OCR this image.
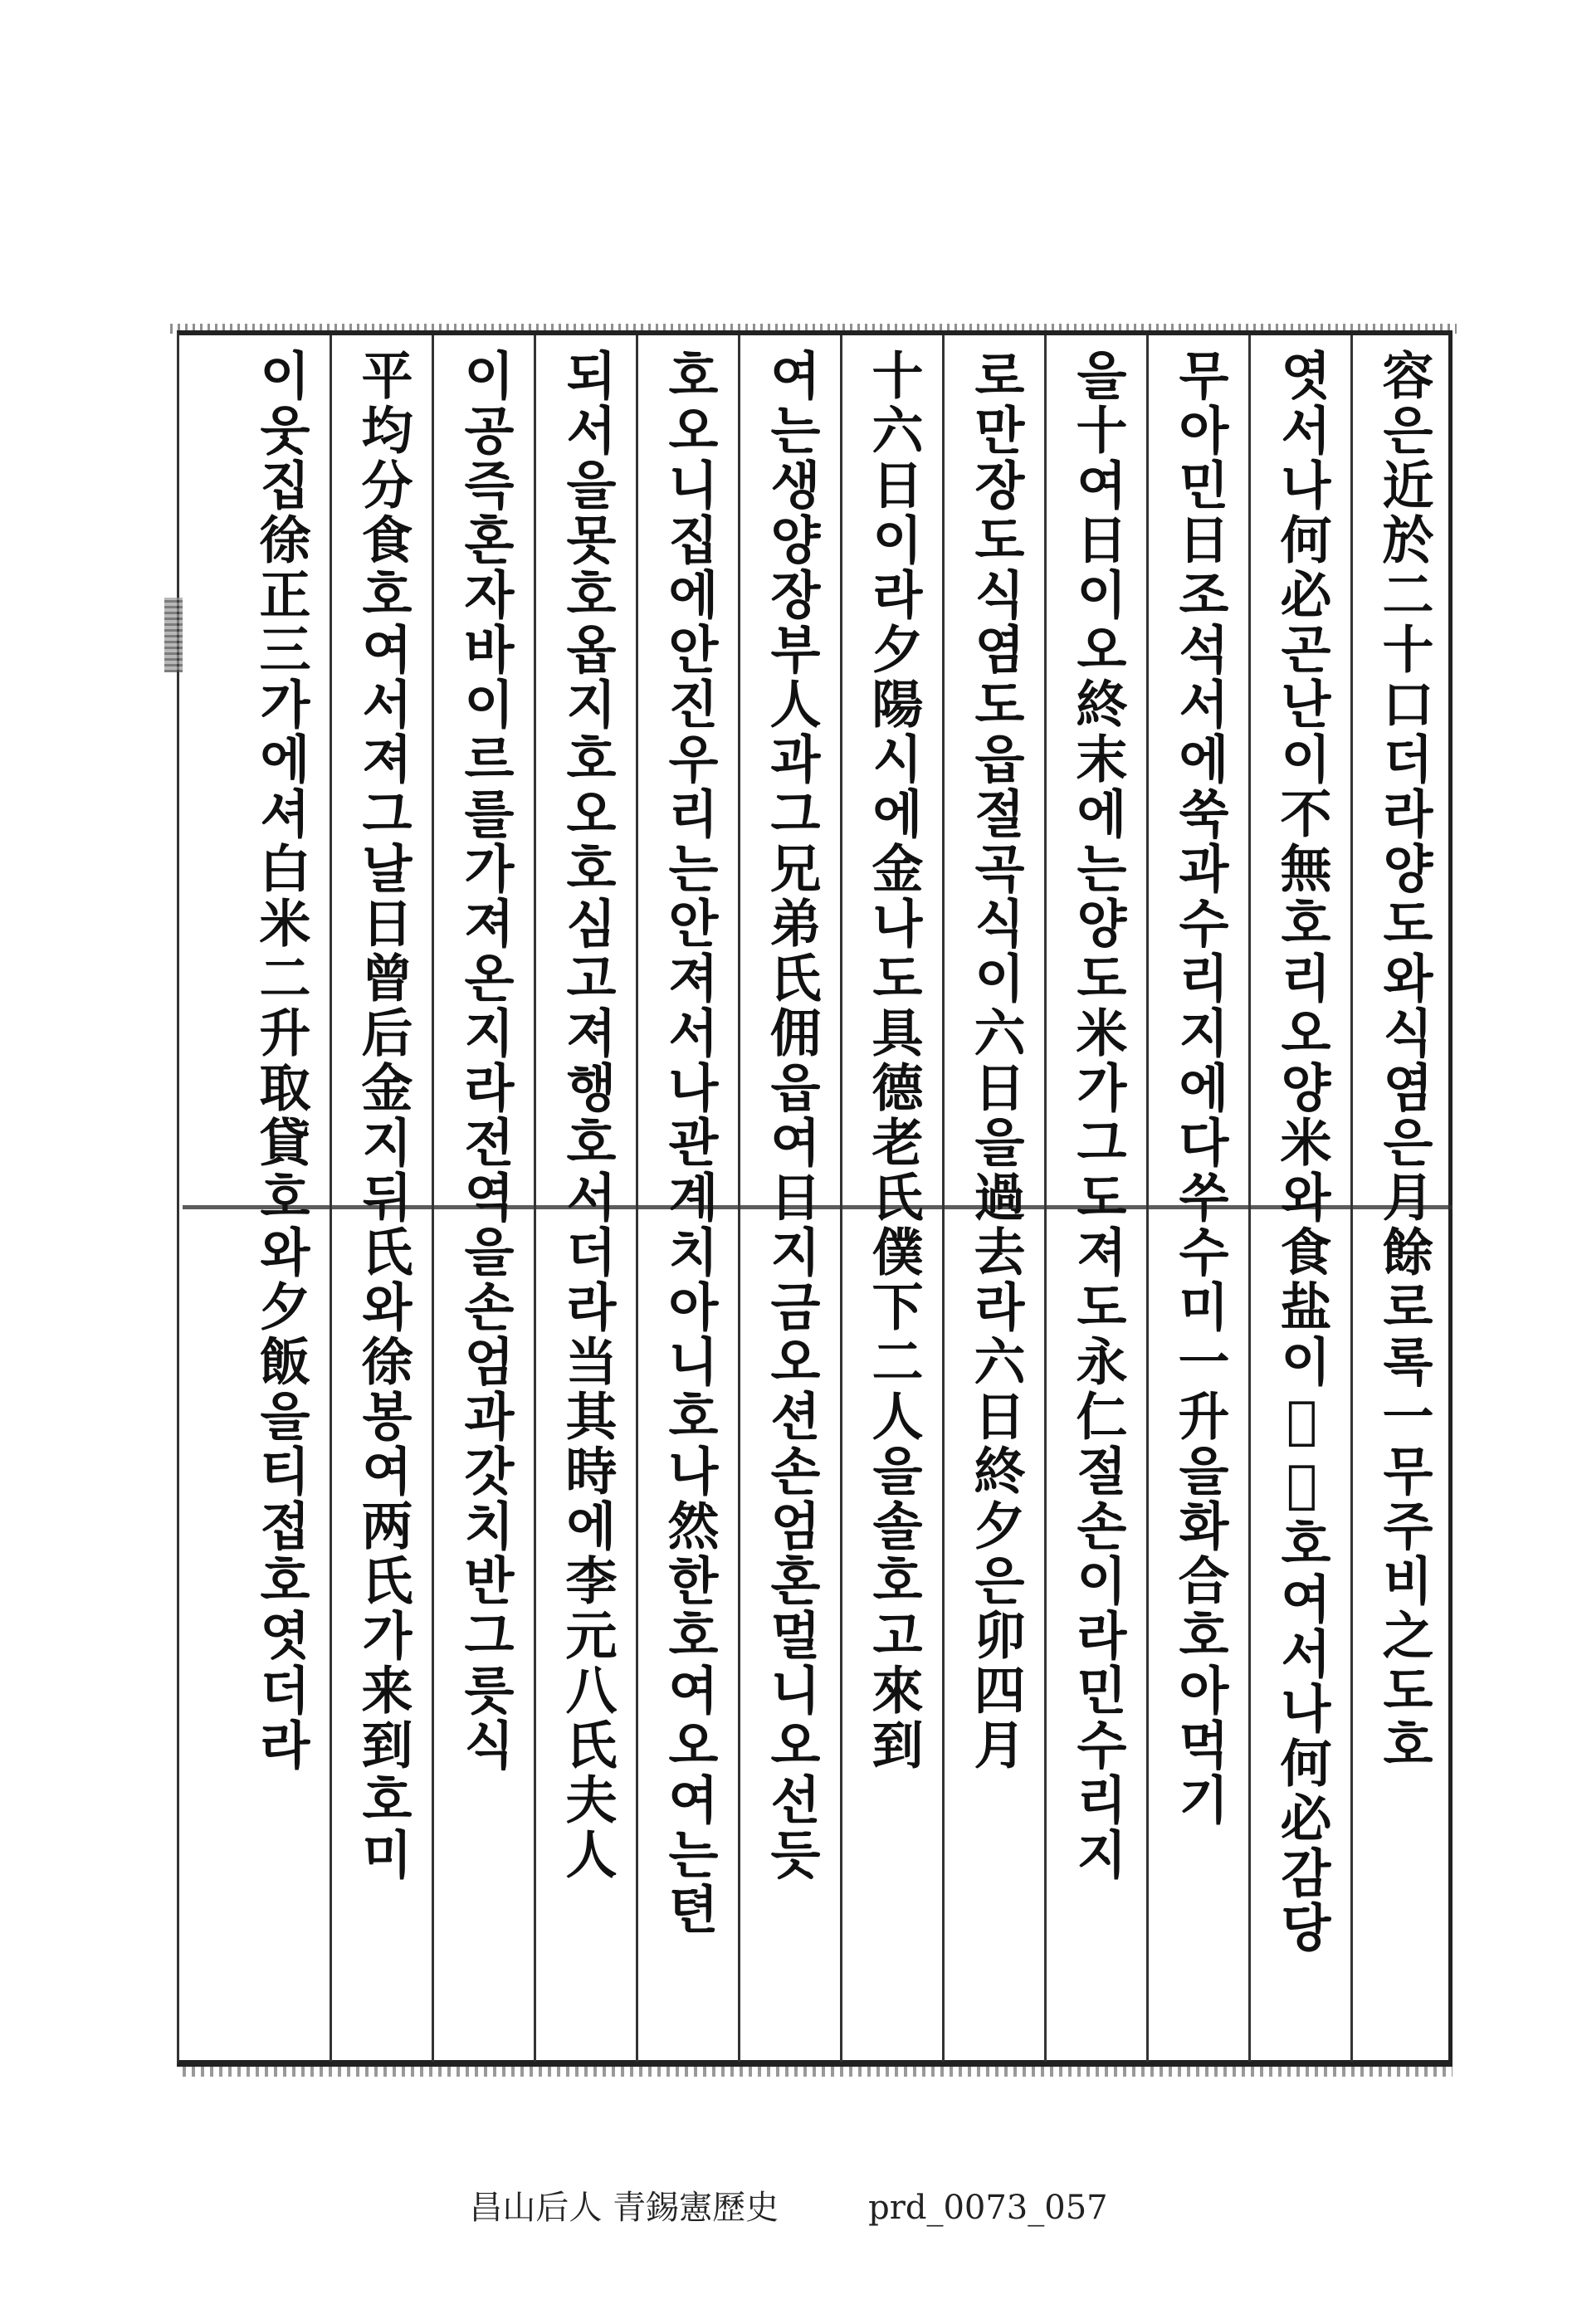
容은近於二十口더라양도와식염은月餘로록一무주비之도호
엿서나何必곤난이不無호리오양米와食盐이𥰃絶호여서나何必감당
무아민日조석서에쑥과수리지에다쑤수미一升을화合호아먹기
을十여日이오終末에는양도米가그도져도永仁절손이라민수리지
로만장도식염도읍절곡식이六日을過去라六日終夕은卯四月
十六日이라夕陽시에金나도具德老氏僕下二人을솔호고來到
여는생양장부人과그兄弟氏佣읍여日지금오션손엄혼멀니오선듯
호오니집에안진우리는안져서나관계치아니호나然한호여오여는텬
되서을못호옵지호오호심고져행호서더라当其時에李元八氏夫人
이공즉혼자바이르를가져온지라전역을손엄과갓치반그릇식
平均分食호여서져그날日曾后金지뒤氏와徐봉여两氏가来到호미
이웃집徐正三가에셔白米二升取貸호와夕飯을티접호엿더라
昌山后人 青錫憲歷史	prd_0073_057
